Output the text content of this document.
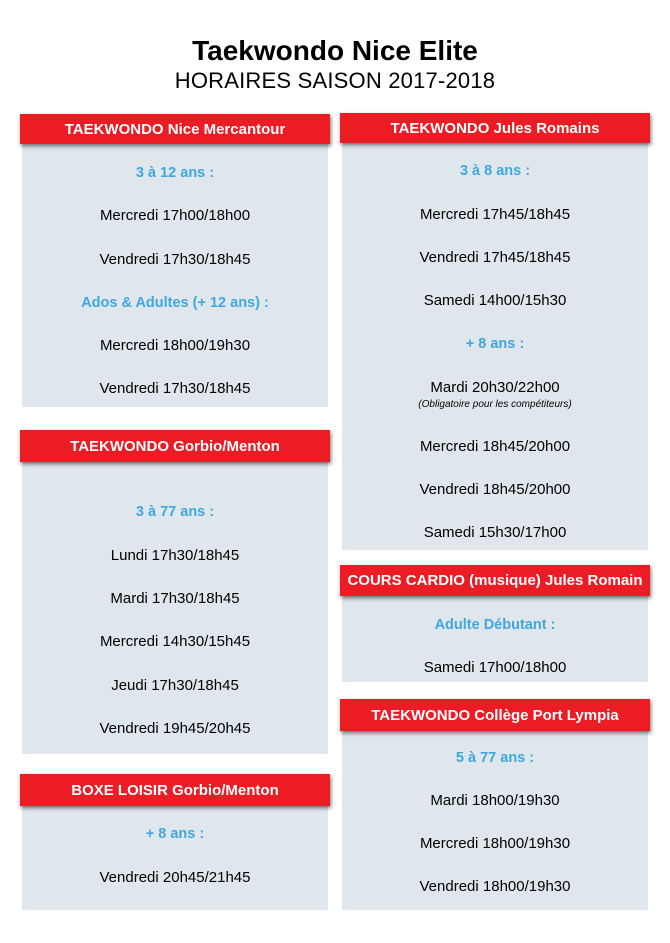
Taekwondo Nice Elite
HORAIRES SAISON 2017-2018
TAEKWONDO Nice Mercantour
3 à 12 ans :
Mercredi 17h00/18h00
Vendredi 17h30/18h45
Ados & Adultes (+ 12 ans) :
Mercredi 18h00/19h30
Vendredi 17h30/18h45
TAEKWONDO Gorbio/Menton
3 à 77 ans :
Lundi 17h30/18h45
Mardi 17h30/18h45
Mercredi 14h30/15h45
Jeudi 17h30/18h45
Vendredi 19h45/20h45
BOXE LOISIR Gorbio/Menton
+ 8 ans :
Vendredi 20h45/21h45
TAEKWONDO Jules Romains
3 à 8 ans :
Mercredi 17h45/18h45
Vendredi 17h45/18h45
Samedi 14h00/15h30
+ 8 ans :
Mardi 20h30/22h00
(Obligatoire pour les compétiteurs)
Mercredi 18h45/20h00
Vendredi 18h45/20h00
Samedi 15h30/17h00
COURS CARDIO (musique) Jules Romain
Adulte Débutant :
Samedi 17h00/18h00
TAEKWONDO Collège Port Lympia
5 à 77 ans :
Mardi 18h00/19h30
Mercredi 18h00/19h30
Vendredi 18h00/19h30
